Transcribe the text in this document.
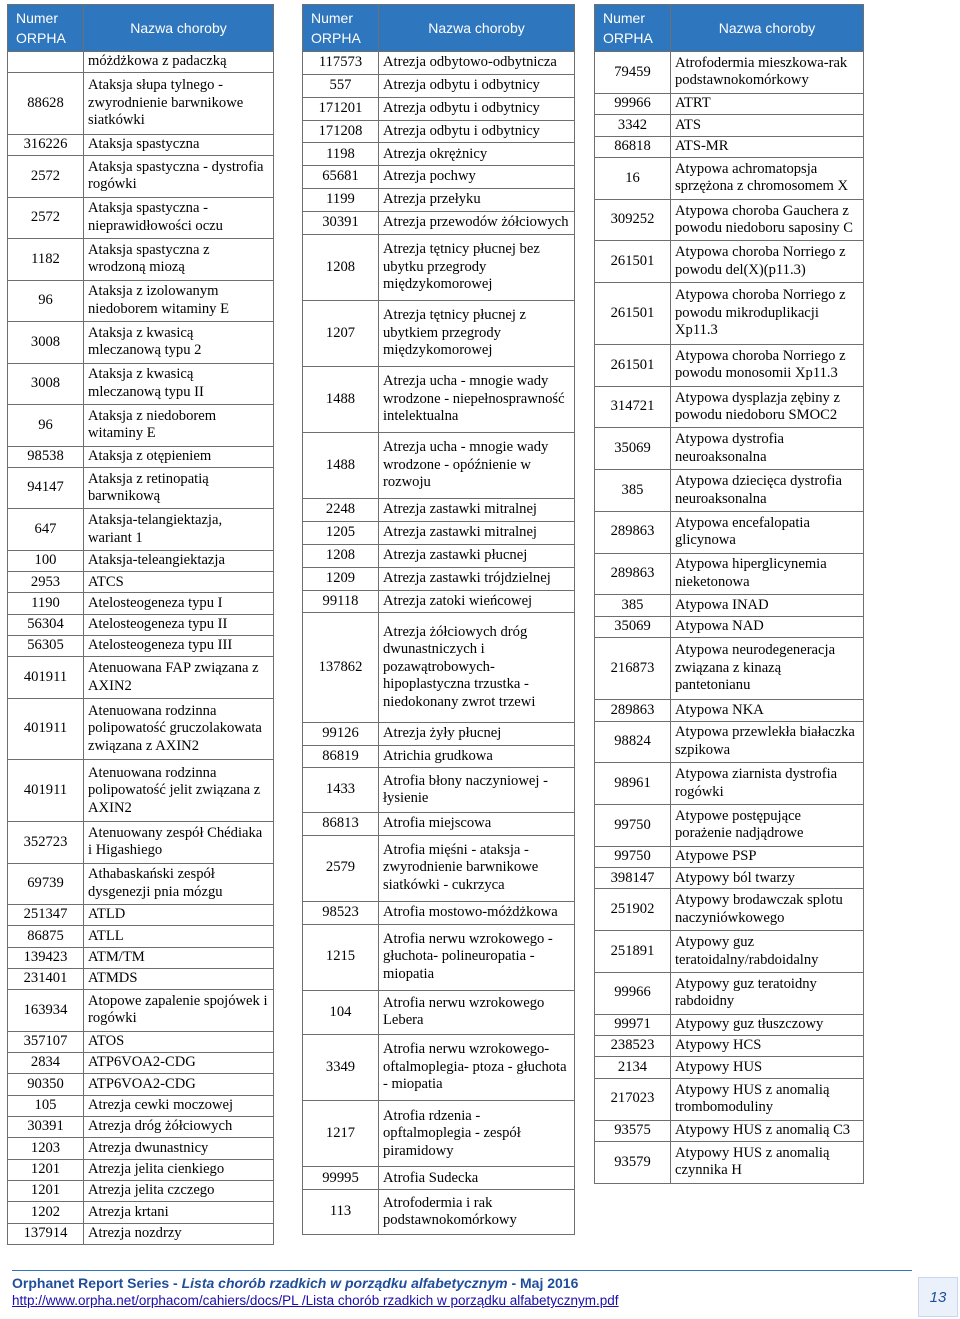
Numer ORPHA	Nazwa choroby
	móżdżkowa z padaczką
88628	Ataksja słupa tylnego - zwyrodnienie barwnikowe siatkówki
316226	Ataksja spastyczna
2572	Ataksja spastyczna - dystrofia rogówki
2572	Ataksja spastyczna - nieprawidłowości oczu
1182	Ataksja spastyczna z wrodzoną miozą
96	Ataksja z izolowanym niedoborem witaminy E
3008	Ataksja z kwasicą mleczanową typu 2
3008	Ataksja z kwasicą mleczanową typu II
96	Ataksja z niedoborem witaminy E
98538	Ataksja z otępieniem
94147	Ataksja z retinopatią barwnikową
647	Ataksja-telangiektazja, wariant 1
100	Ataksja-teleangiektazja
2953	ATCS
1190	Atelosteogeneza typu I
56304	Atelosteogeneza typu II
56305	Atelosteogeneza typu III
401911	Atenuowana FAP związana z AXIN2
401911	Atenuowana rodzinna polipowatość gruczolakowata związana z AXIN2
401911	Atenuowana rodzinna polipowatość jelit związana z AXIN2
352723	Atenuowany zespół Chédiaka i Higashiego
69739	Athabaskański zespół dysgenezji pnia mózgu
251347	ATLD
86875	ATLL
139423	ATM/TM
231401	ATMDS
163934	Atopowe zapalenie spojówek i rogówki
357107	ATOS
2834	ATP6VOA2-CDG
90350	ATP6VOA2-CDG
105	Atrezja cewki moczowej
30391	Atrezja dróg żółciowych
1203	Atrezja dwunastnicy
1201	Atrezja jelita cienkiego
1201	Atrezja jelita czczego
1202	Atrezja krtani
137914	Atrezja nozdrzy
Numer ORPHA	Nazwa choroby
117573	Atrezja odbytowo-odbytnicza
557	Atrezja odbytu i odbytnicy
171201	Atrezja odbytu i odbytnicy
171208	Atrezja odbytu i odbytnicy
1198	Atrezja okrężnicy
65681	Atrezja pochwy
1199	Atrezja przełyku
30391	Atrezja przewodów żółciowych
1208	Atrezja tętnicy płucnej bez ubytku przegrody międzykomorowej
1207	Atrezja tętnicy płucnej z ubytkiem przegrody międzykomorowej
1488	Atrezja ucha - mnogie wady wrodzone - niepełnosprawność intelektualna
1488	Atrezja ucha - mnogie wady wrodzone - opóźnienie w rozwoju
2248	Atrezja zastawki mitralnej
1205	Atrezja zastawki mitralnej
1208	Atrezja zastawki płucnej
1209	Atrezja zastawki trójdzielnej
99118	Atrezja zatoki wieńcowej
137862	Atrezja żółciowych dróg dwunastniczych i pozawątrobowych-hipoplastyczna trzustka - niedokonany zwrot trzewi
99126	Atrezja żyły płucnej
86819	Atrichia grudkowa
1433	Atrofia błony naczyniowej - łysienie
86813	Atrofia miejscowa
2579	Atrofia mięśni - ataksja - zwyrodnienie barwnikowe siatkówki - cukrzyca
98523	Atrofia mostowo-móżdżkowa
1215	Atrofia nerwu wzrokowego - głuchota- polineuropatia - miopatia
104	Atrofia nerwu wzrokowego Lebera
3349	Atrofia nerwu wzrokowego-oftalmoplegia- ptoza - głuchota - miopatia
1217	Atrofia rdzenia - opftalmoplegia - zespół piramidowy
99995	Atrofia Sudecka
113	Atrofodermia i rak podstawnokomórkowy
Numer ORPHA	Nazwa choroby
79459	Atrofodermia mieszkowa-rak podstawnokomórkowy
99966	ATRT
3342	ATS
86818	ATS-MR
16	Atypowa achromatopsja sprzężona z chromosomem X
309252	Atypowa choroba Gauchera z powodu niedoboru saposiny C
261501	Atypowa choroba Norriego z powodu del(X)(p11.3)
261501	Atypowa choroba Norriego z powodu mikroduplikacji Xp11.3
261501	Atypowa choroba Norriego z powodu monosomii Xp11.3
314721	Atypowa dysplazja zębiny z powodu niedoboru SMOC2
35069	Atypowa dystrofia neuroaksonalna
385	Atypowa dziecięca dystrofia neuroaksonalna
289863	Atypowa encefalopatia glicynowa
289863	Atypowa hiperglicynemia nieketonowa
385	Atypowa INAD
35069	Atypowa NAD
216873	Atypowa neurodegeneracja związana z kinazą pantetonianu
289863	Atypowa NKA
98824	Atypowa przewlekła białaczka szpikowa
98961	Atypowa ziarnista dystrofia rogówki
99750	Atypowe postępujące porażenie nadjądrowe
99750	Atypowe PSP
398147	Atypowy ból twarzy
251902	Atypowy brodawczak splotu naczyniówkowego
251891	Atypowy guz teratoidalny/rabdoidalny
99966	Atypowy guz teratoidny rabdoidny
99971	Atypowy guz tłuszczowy
238523	Atypowy HCS
2134	Atypowy HUS
217023	Atypowy HUS z anomalią trombomoduliny
93575	Atypowy HUS z anomalią C3
93579	Atypowy HUS z anomalią czynnika H
Orphanet Report Series - Lista chorób rzadkich w porządku alfabetycznym - Maj 2016
http://www.orpha.net/orphacom/cahiers/docs/PL /Lista chorób rzadkich w porządku alfabetycznym.pdf	13
